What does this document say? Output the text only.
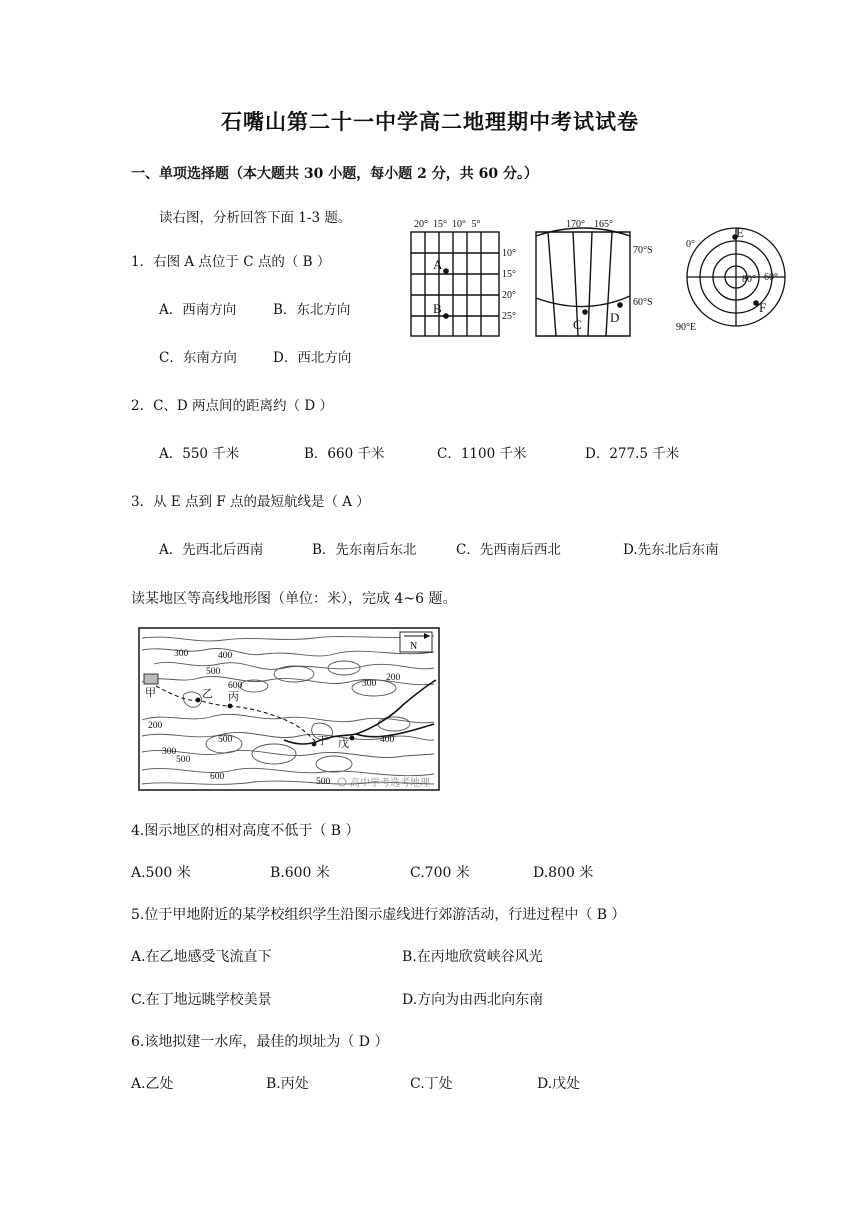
石嘴山第二十一中学高二地理期中考试试卷
一、单项选择题（本大题共 30 小题，每小题 2 分，共 60 分。）
读右图，分析回答下面 1-3 题。
1．右图 A 点位于 C 点的（ B ）
A．西南方向	B．东北方向
C．东南方向	D．西北方向
2．C、D 两点间的距离约（ D ）
A．550 千米	B．660 千米	C．1100 千米	D．277.5 千米
3．从 E 点到 F 点的最短航线是（ A ）
A．先西北后西南	B．先东南后东北	C．先西南后西北	D.先东北后东南
读某地区等高线地形图（单位：米），完成 4~6 题。
4.图示地区的相对高度不低于（ B ）
A.500 米	B.600 米	C.700 米	D.800 米
5.位于甲地附近的某学校组织学生沿图示虚线进行郊游活动，行进过程中（ B ）
A.在乙地感受飞流直下	B.在丙地欣赏峡谷风光
C.在丁地远眺学校美景	D.方向为由西北向东南
6.该地拟建一水库，最佳的坝址为（ D ）
A.乙处	B.丙处	C.丁处	D.戊处
20° 15° 10° 5°
10°
15°
20°
25°
A
B
170° 165°
70°S
60°S
C D
0°
80° 60°
90°E
E
F
N
甲	乙 丙
丁 戊
300	400
500
600
200
300
200
500
300
400
500
600	500 高中学考选考地理
